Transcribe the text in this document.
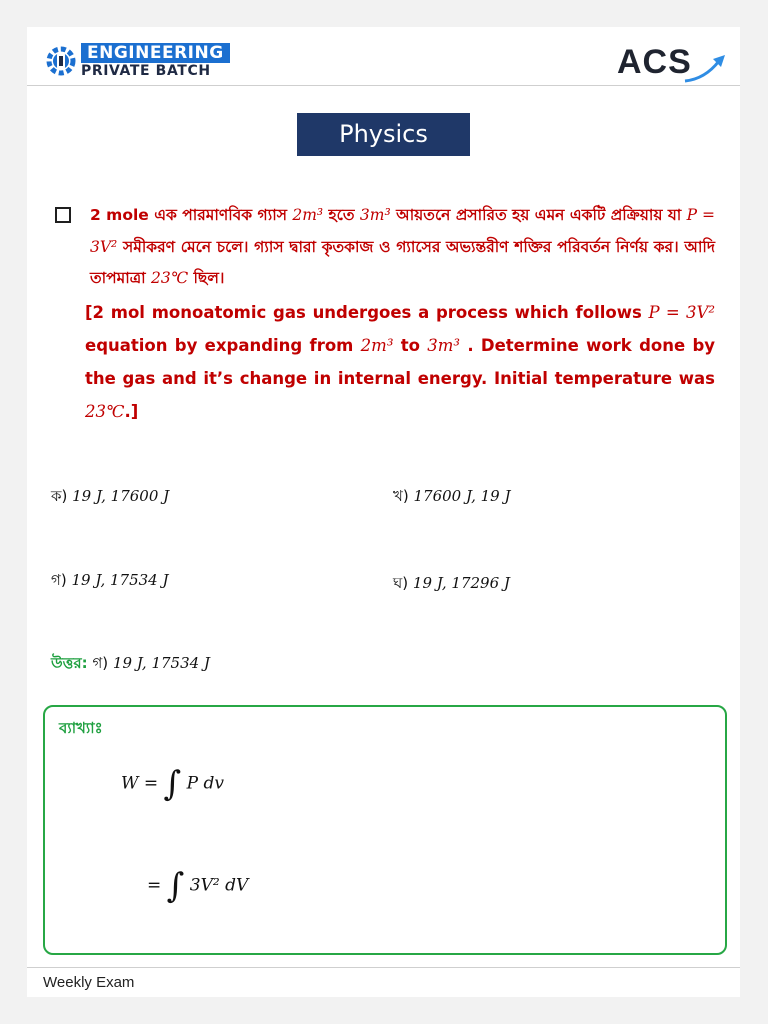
ENGINEERING
PRIVATE BATCH	ACS
Physics
2 mole এক পারমাণবিক গ্যাস 2m³ হতে 3m³ আয়তনে প্রসারিত হয় এমন একটি প্রক্রিয়ায় যা P = 3V² সমীকরণ মেনে চলে। গ্যাস দ্বারা কৃতকাজ ও গ্যাসের অভ্যন্তরীণ শক্তির পরিবর্তন নির্ণয় কর। আদি তাপমাত্রা 23℃ ছিল।
[2 mol monoatomic gas undergoes a process which follows P = 3V² equation by expanding from 2m³ to 3m³ . Determine work done by the gas and it’s change in internal energy. Initial temperature was 23℃.]
ক) 19 J, 17600 J	খ) 17600 J, 19 J
গ) 19 J, 17534 J	ঘ) 19 J, 17296 J
উত্তর: গ) 19 J, 17534 J
ব্যাখ্যাঃ
W = ∫ P dv
= ∫ 3V² dV
Weekly Exam
